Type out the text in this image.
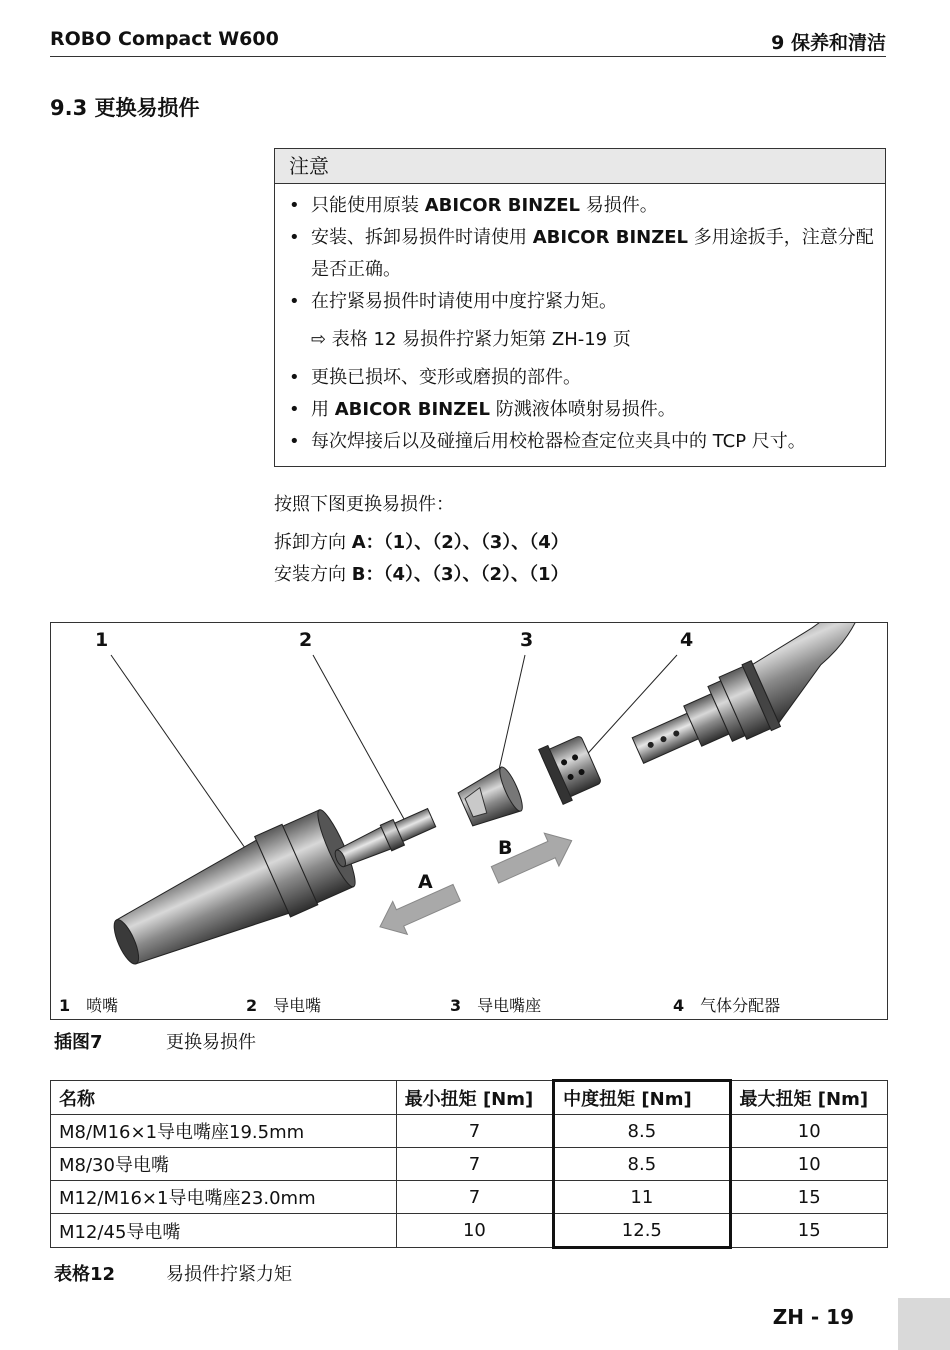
ROBO Compact W600	9 保养和清洁
9.3 更换易损件
注意
• 只能使用原装 ABICOR BINZEL 易损件。
• 安装、拆卸易损件时请使用 ABICOR BINZEL 多用途扳手，注意分配是否正确。
• 在拧紧易损件时请使用中度拧紧力矩。
⇨ 表格 12 易损件拧紧力矩第 ZH-19 页
• 更换已损坏、变形或磨损的部件。
• 用 ABICOR BINZEL 防溅液体喷射易损件。
• 每次焊接后以及碰撞后用校枪器检查定位夹具中的 TCP 尺寸。
按照下图更换易损件：
拆卸方向 A：（1）、（2）、（3）、（4）
安装方向 B：（4）、（3）、（2）、（1）
1	2	3	4
A
B
1 喷嘴	2 导电嘴	3 导电嘴座	4 气体分配器
插图7	更换易损件
名称	最小扭矩 [Nm]	中度扭矩 [Nm]	最大扭矩 [Nm]
M8/M16×1导电嘴座19.5mm	7	8.5	10
M8/30导电嘴	7	8.5	10
M12/M16×1导电嘴座23.0mm	7	11	15
M12/45导电嘴	10	12.5	15
表格12	易损件拧紧力矩
ZH - 19
